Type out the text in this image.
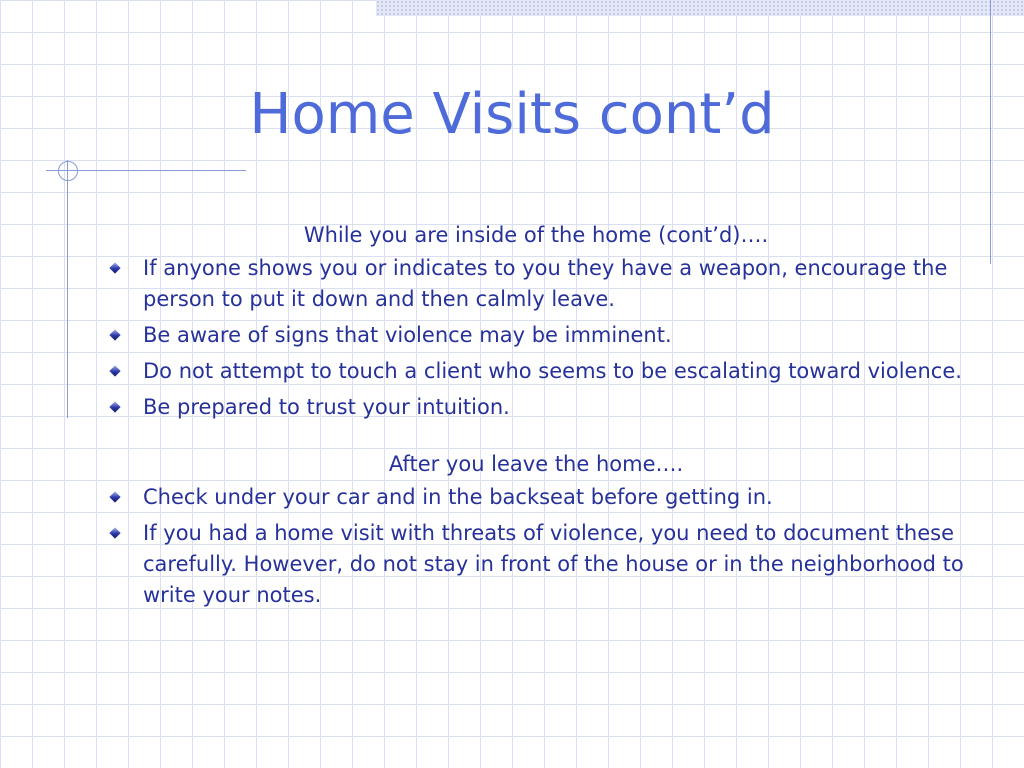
Home Visits cont’d
While you are inside of the home (cont’d)….
If anyone shows you or indicates to you they have a weapon, encourage the person to put it down and then calmly leave.
Be aware of signs that violence may be imminent.
Do not attempt to touch a client who seems to be escalating toward violence.
Be prepared to trust your intuition.
After you leave the home….
Check under your car and in the backseat before getting in.
If you had a home visit with threats of violence, you need to document these carefully. However, do not stay in front of the house or in the neighborhood to write your notes.
